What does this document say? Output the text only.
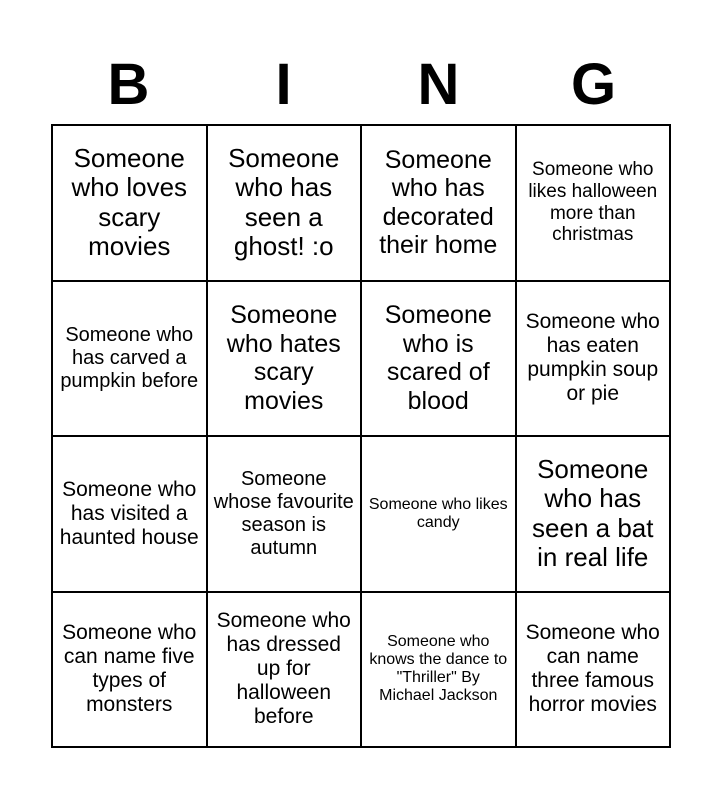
B	I	N	G
Someone who loves scary movies
Someone who has seen a ghost! :o
Someone who has decorated their home
Someone who likes halloween more than christmas
Someone who has carved a pumpkin before
Someone who hates scary movies
Someone who is scared of blood
Someone who has eaten pumpkin soup or pie
Someone who has visited a haunted house
Someone whose favourite season is autumn
Someone who likes candy
Someone who has seen a bat in real life
Someone who can name five types of monsters
Someone who has dressed up for halloween before
Someone who knows the dance to "Thriller" By Michael Jackson
Someone who can name three famous horror movies
